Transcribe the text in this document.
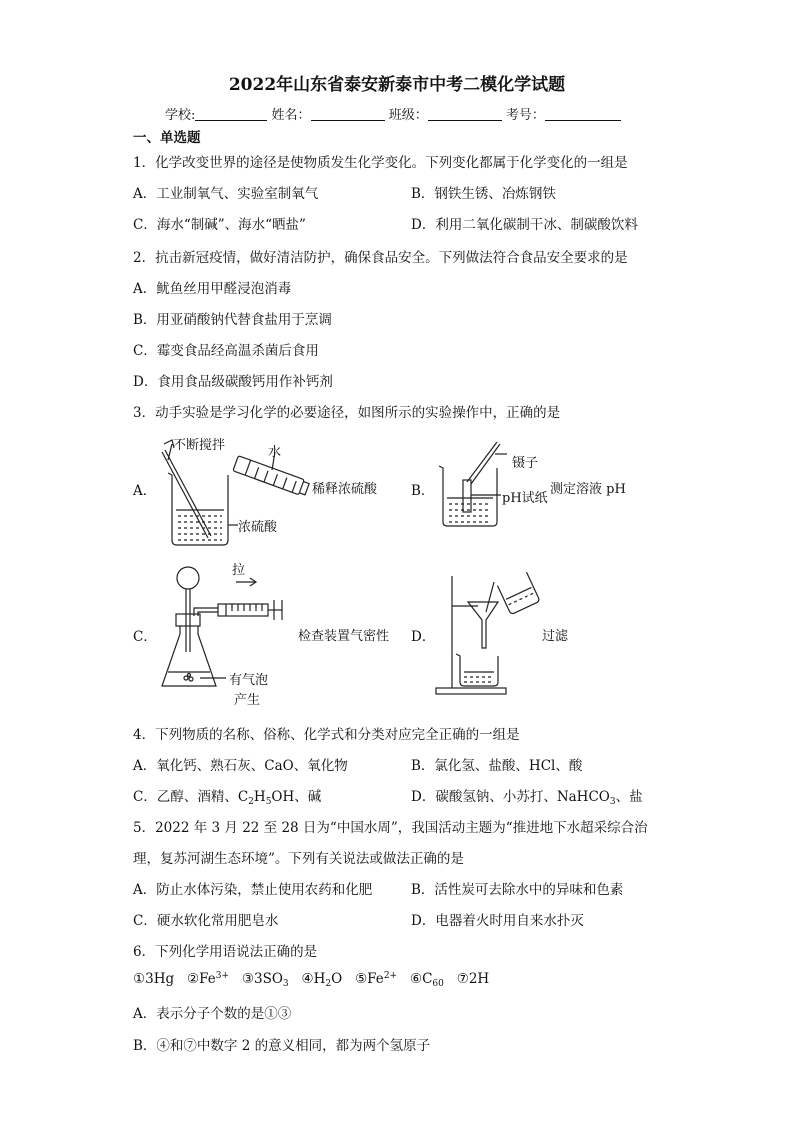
2022年山东省泰安新泰市中考二模化学试题
学校:	姓名：	班级：	考号：
一、单选题
1．化学改变世界的途径是使物质发生化学变化。下列变化都属于化学变化的一组是
A．工业制氧气、实验室制氧气	B．钢铁生锈、冶炼钢铁
C．海水“制碱”、海水“晒盐”	D．利用二氧化碳制干冰、制碳酸饮料
2．抗击新冠疫情，做好清洁防护，确保食品安全。下列做法符合食品安全要求的是
A．鱿鱼丝用甲醛浸泡消毒
B．用亚硝酸钠代替食盐用于烹调
C．霉变食品经高温杀菌后食用
D．食用食品级碳酸钙用作补钙剂
3．动手实验是学习化学的必要途径，如图所示的实验操作中，正确的是
A．
不断搅拌	水
稀释浓硫酸
浓硫酸
B．
镊子
pH试纸
测定溶液 pH
C．
拉
检查装置气密性
有气泡
产生
D．	过滤
4．下列物质的名称、俗称、化学式和分类对应完全正确的一组是
A．氧化钙、熟石灰、CaO、氧化物	B．氯化氢、盐酸、HCl、酸
C．乙醇、酒精、$C_2H_5OH$、碱	D．碳酸氢钠、小苏打、NaHCO$_3$、盐
5．2022 年 3 月 22 至 28 日为“中国水周”，我国活动主题为“推进地下水超采综合治
理，复苏河湖生态环境”。下列有关说法或做法正确的是
A．防止水体污染，禁止使用农药和化肥	B．活性炭可去除水中的异味和色素
C．硬水软化常用肥皂水	D．电器着火时用自来水扑灭
6．下列化学用语说法正确的是
①3Hg $②Fe^{3+}$ $③3SO_3$ $④H_2O$ $⑤Fe^{2+}$ $⑥C_{60}$ ⑦2H
A．表示分子个数的是①③
B．④和⑦中数字 2 的意义相同，都为两个氢原子
